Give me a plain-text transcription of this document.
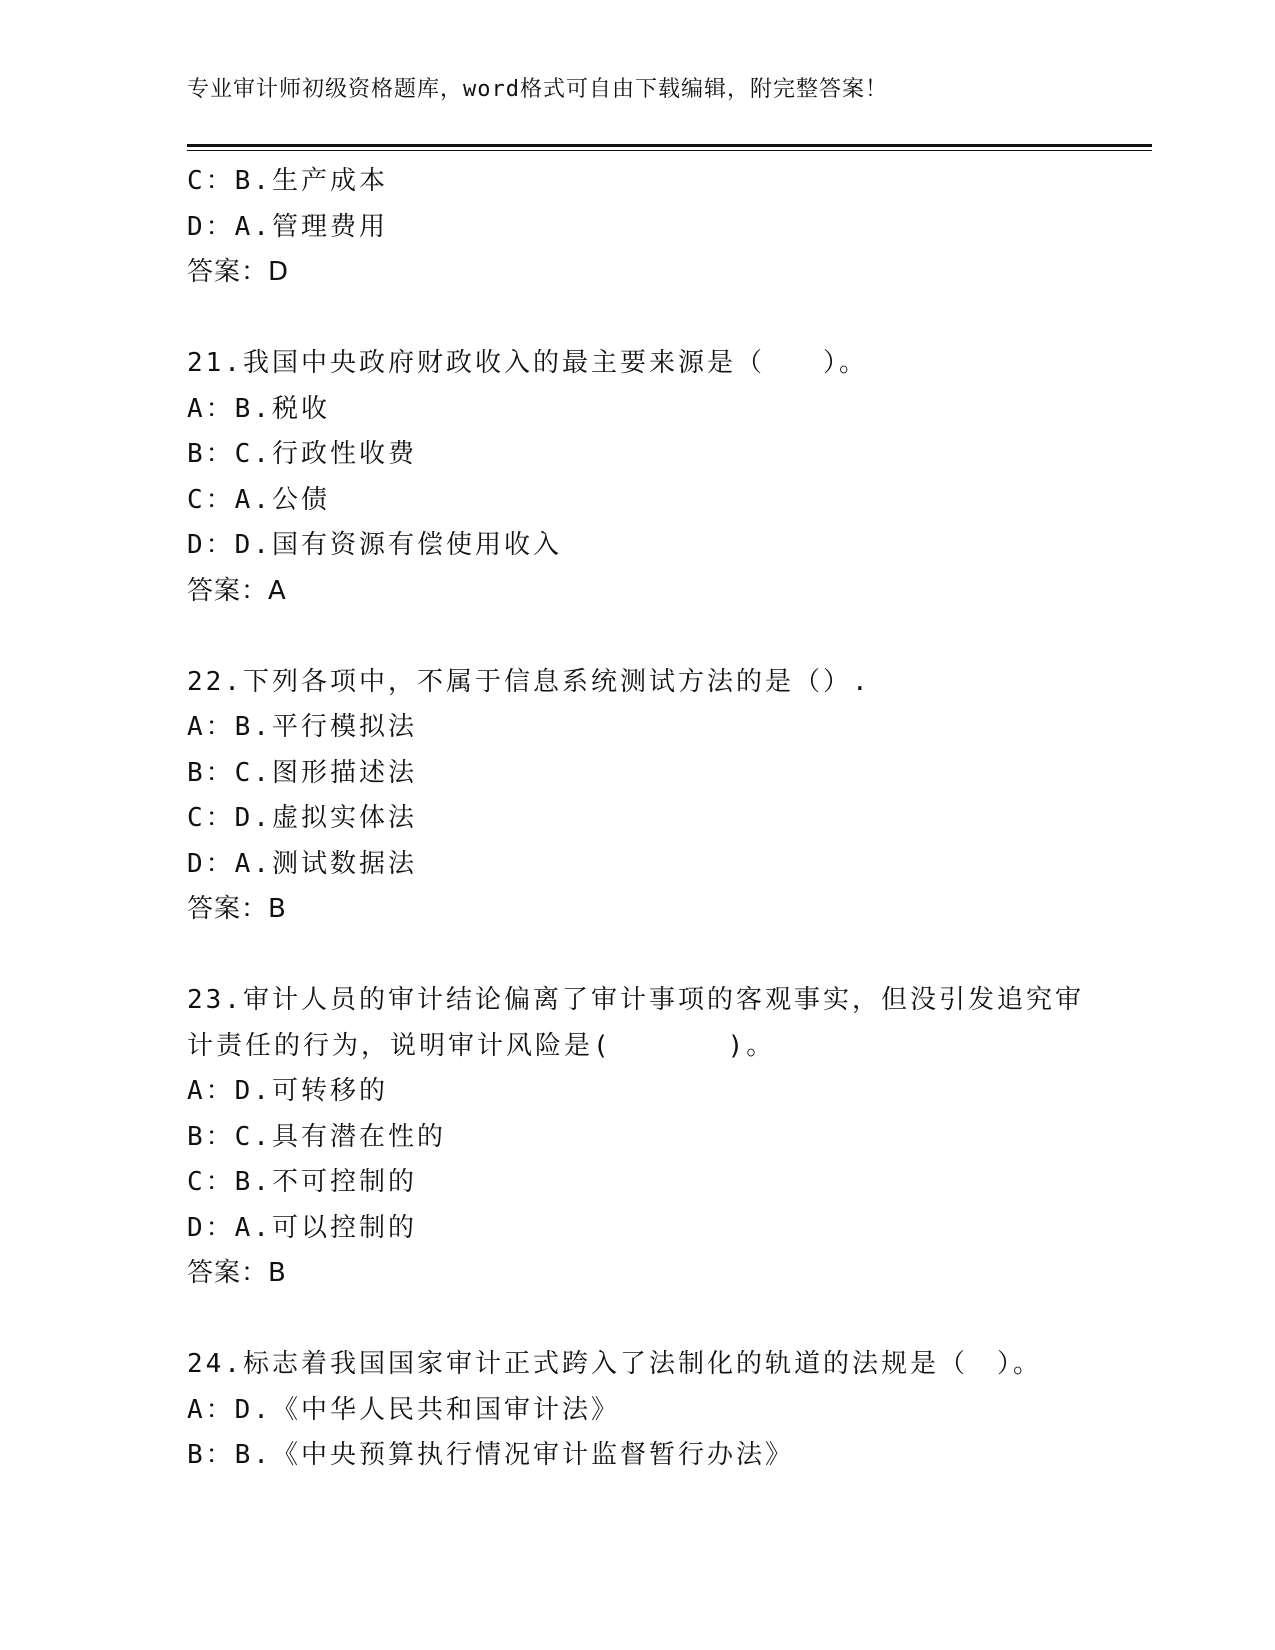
专业审计师初级资格题库，word格式可自由下载编辑，附完整答案！
C：B.生产成本
D：A.管理费用
答案：D
21.我国中央政府财政收入的最主要来源是（　　）。
A：B.税收
B：C.行政性收费
C：A.公债
D：D.国有资源有偿使用收入
答案：A
22.下列各项中，不属于信息系统测试方法的是（）.
A：B.平行模拟法
B：C.图形描述法
C：D.虚拟实体法
D：A.测试数据法
答案：B
23.审计人员的审计结论偏离了审计事项的客观事实，但没引发追究审
计责任的行为，说明审计风险是(　　　　)。
A：D.可转移的
B：C.具有潜在性的
C：B.不可控制的
D：A.可以控制的
答案：B
24.标志着我国国家审计正式跨入了法制化的轨道的法规是（　）。
A：D.《中华人民共和国审计法》
B：B.《中央预算执行情况审计监督暂行办法》
